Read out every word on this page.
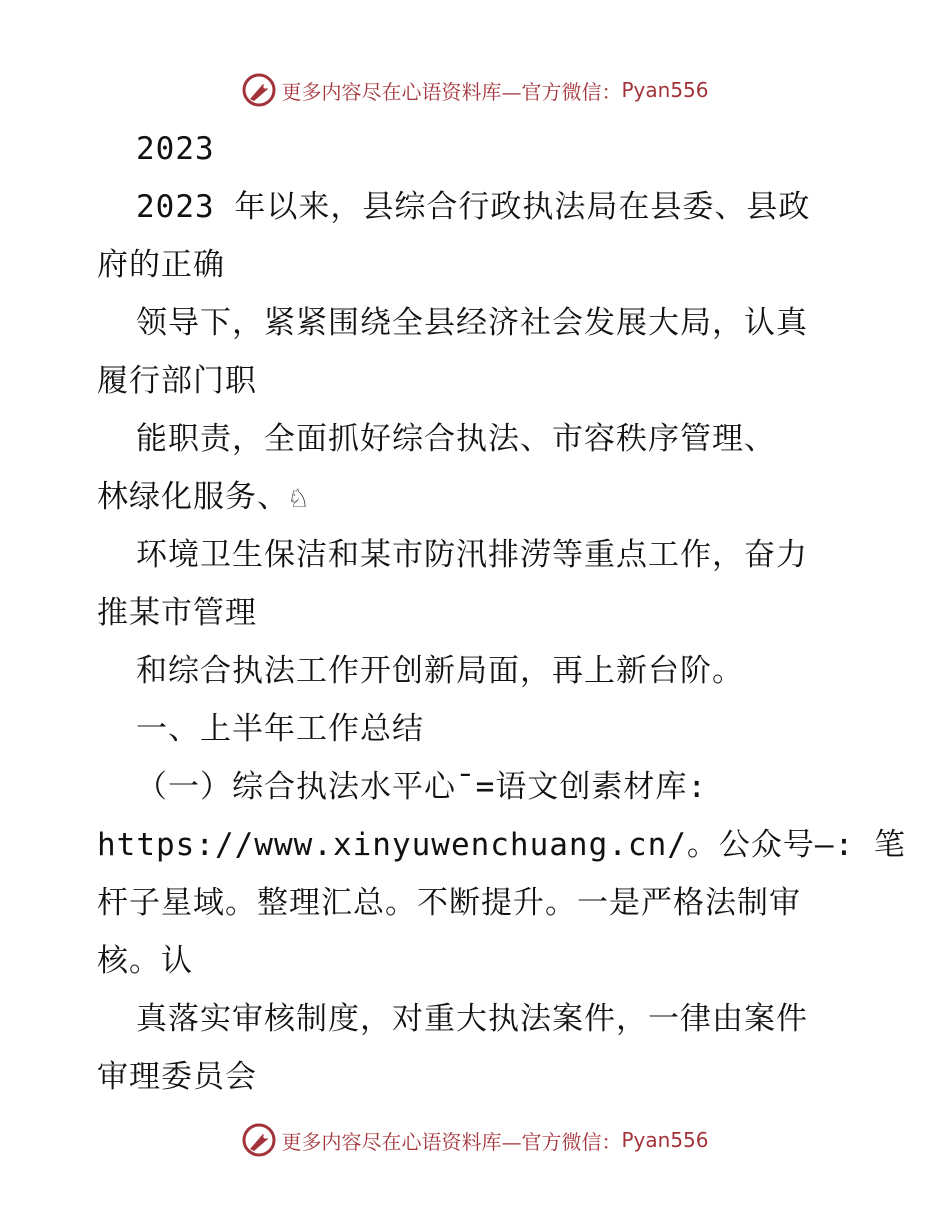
更多内容尽在心语资料库—官方微信： Pyan556
2023
2023 年以来，县综合行政执法局在县委、县政
府的正确
领导下，紧紧围绕全县经济社会发展大局，认真
履行部门职
能职责，全面抓好综合执法、市容秩序管理、
林绿化服务、♘
环境卫生保洁和某市防汛排涝等重点工作，奋力
推某市管理
和综合执法工作开创新局面，再上新台阶。
一、上半年工作总结
（一）综合执法水平心¯=语文创素材库:
https://www.xinyuwenchuang.cn/。公众号—: 笔
杆子星域。整理汇总。不断提升。一是严格法制审
核。认
真落实审核制度，对重大执法案件，一律由案件
审理委员会
更多内容尽在心语资料库—官方微信： Pyan556
